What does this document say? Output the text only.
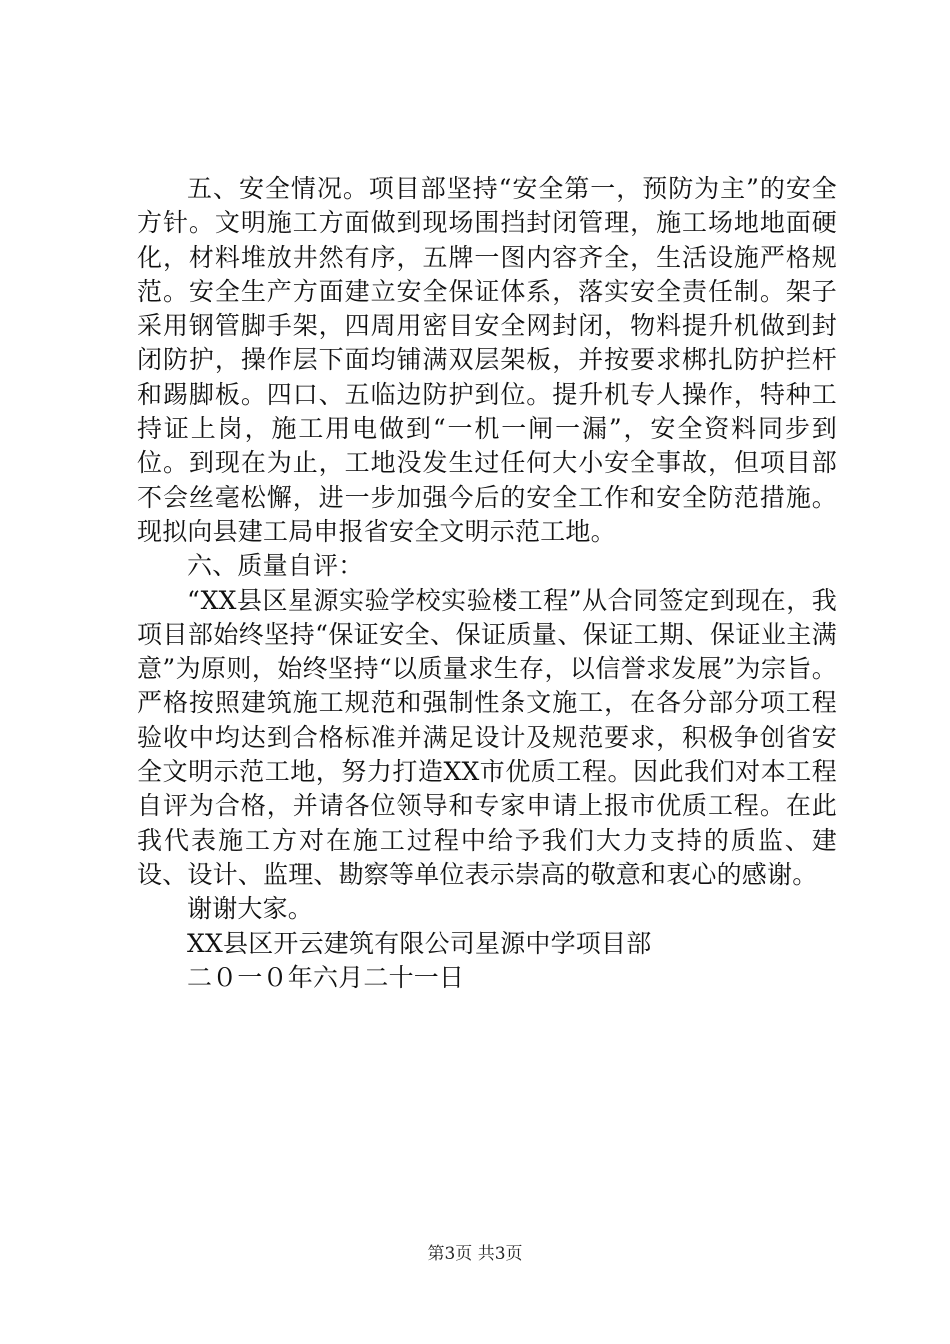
五、安全情况。项目部坚持“安全第一，预防为主”的安全方针。文明施工方面做到现场围挡封闭管理，施工场地地面硬化，材料堆放井然有序，五牌一图内容齐全，生活设施严格规范。安全生产方面建立安全保证体系，落实安全责任制。架子采用钢管脚手架，四周用密目安全网封闭，物料提升机做到封闭防护，操作层下面均铺满双层架板，并按要求梆扎防护拦杆和踢脚板。四口、五临边防护到位。提升机专人操作，特种工持证上岗，施工用电做到“一机一闸一漏”，安全资料同步到位。到现在为止，工地没发生过任何大小安全事故，但项目部不会丝毫松懈，进一步加强今后的安全工作和安全防范措施。现拟向县建工局申报省安全文明示范工地。

六、质量自评：

“XX县区星源实验学校实验楼工程”从合同签定到现在，我项目部始终坚持“保证安全、保证质量、保证工期、保证业主满意”为原则，始终坚持“以质量求生存，以信誉求发展”为宗旨。严格按照建筑施工规范和强制性条文施工，在各分部分项工程验收中均达到合格标准并满足设计及规范要求，积极争创省安全文明示范工地，努力打造XX市优质工程。因此我们对本工程自评为合格，并请各位领导和专家申请上报市优质工程。在此我代表施工方对在施工过程中给予我们大力支持的质监、建设、设计、监理、勘察等单位表示崇高的敬意和衷心的感谢。

谢谢大家。

XX县区开云建筑有限公司星源中学项目部

二０一０年六月二十一日

第3页 共3页
